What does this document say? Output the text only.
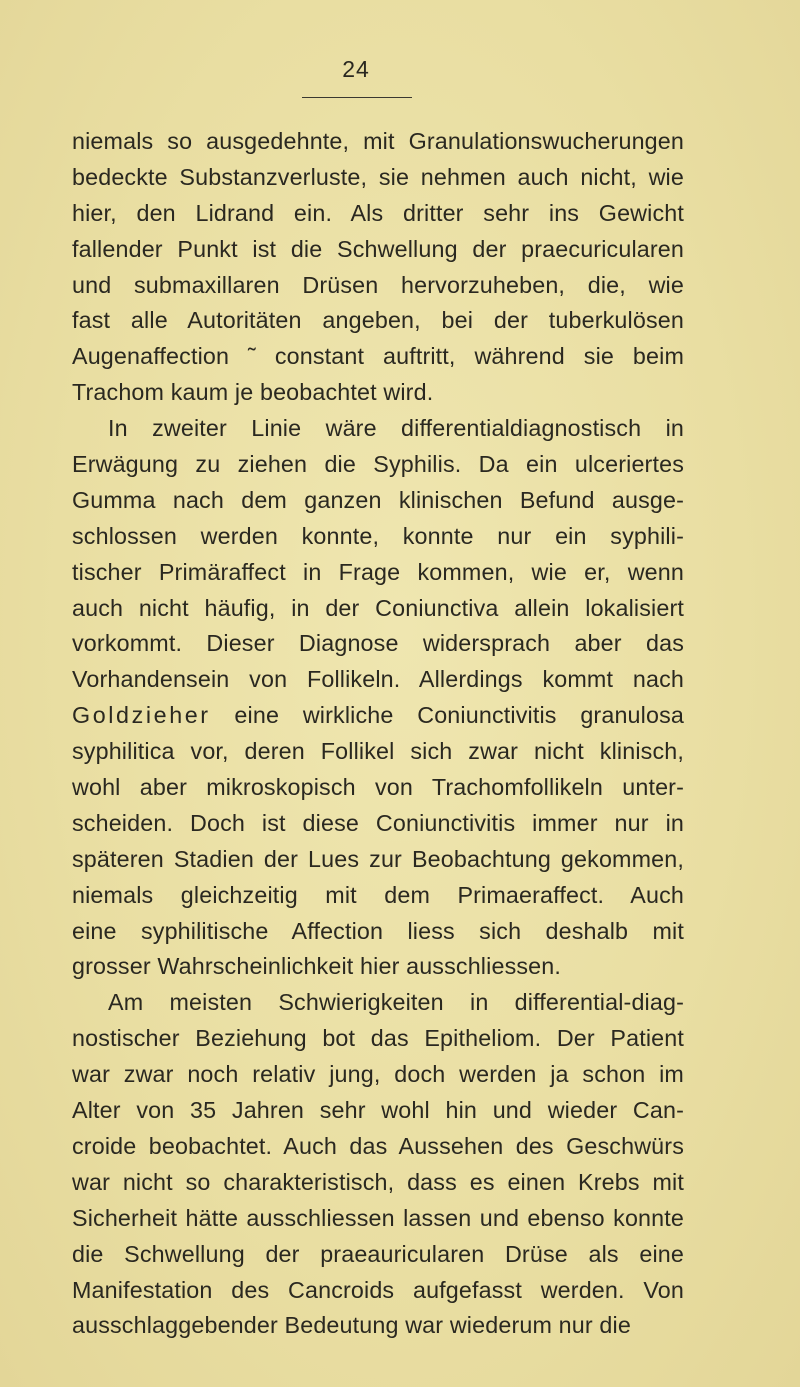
24
niemals so ausgedehnte, mit Granulationswucherungen
bedeckte Substanzverluste, sie nehmen auch nicht, wie
hier, den Lidrand ein. Als dritter sehr ins Gewicht
fallender Punkt ist die Schwellung der praecuricularen
und submaxillaren Drüsen hervorzuheben, die, wie
fast alle Autoritäten angeben, bei der tuberkulösen
Augenaffection ˜ constant auftritt, während sie beim
Trachom kaum je beobachtet wird.
In zweiter Linie wäre differentialdiagnostisch in
Erwägung zu ziehen die Syphilis. Da ein ulceriertes
Gumma nach dem ganzen klinischen Befund ausge-
schlossen werden konnte, konnte nur ein syphili-
tischer Primäraffect in Frage kommen, wie er, wenn
auch nicht häufig, in der Coniunctiva allein lokalisiert
vorkommt. Dieser Diagnose widersprach aber das
Vorhandensein von Follikeln. Allerdings kommt nach
Goldzieher eine wirkliche Coniunctivitis granulosa
syphilitica vor, deren Follikel sich zwar nicht klinisch,
wohl aber mikroskopisch von Trachomfollikeln unter-
scheiden. Doch ist diese Coniunctivitis immer nur in
späteren Stadien der Lues zur Beobachtung gekommen,
niemals gleichzeitig mit dem Primaeraffect. Auch
eine syphilitische Affection liess sich deshalb mit
grosser Wahrscheinlichkeit hier ausschliessen.
Am meisten Schwierigkeiten in differential-diag-
nostischer Beziehung bot das Epitheliom. Der Patient
war zwar noch relativ jung, doch werden ja schon im
Alter von 35 Jahren sehr wohl hin und wieder Can-
croide beobachtet. Auch das Aussehen des Geschwürs
war nicht so charakteristisch, dass es einen Krebs mit
Sicherheit hätte ausschliessen lassen und ebenso konnte
die Schwellung der praeauricularen Drüse als eine
Manifestation des Cancroids aufgefasst werden. Von
ausschlaggebender Bedeutung war wiederum nur die
